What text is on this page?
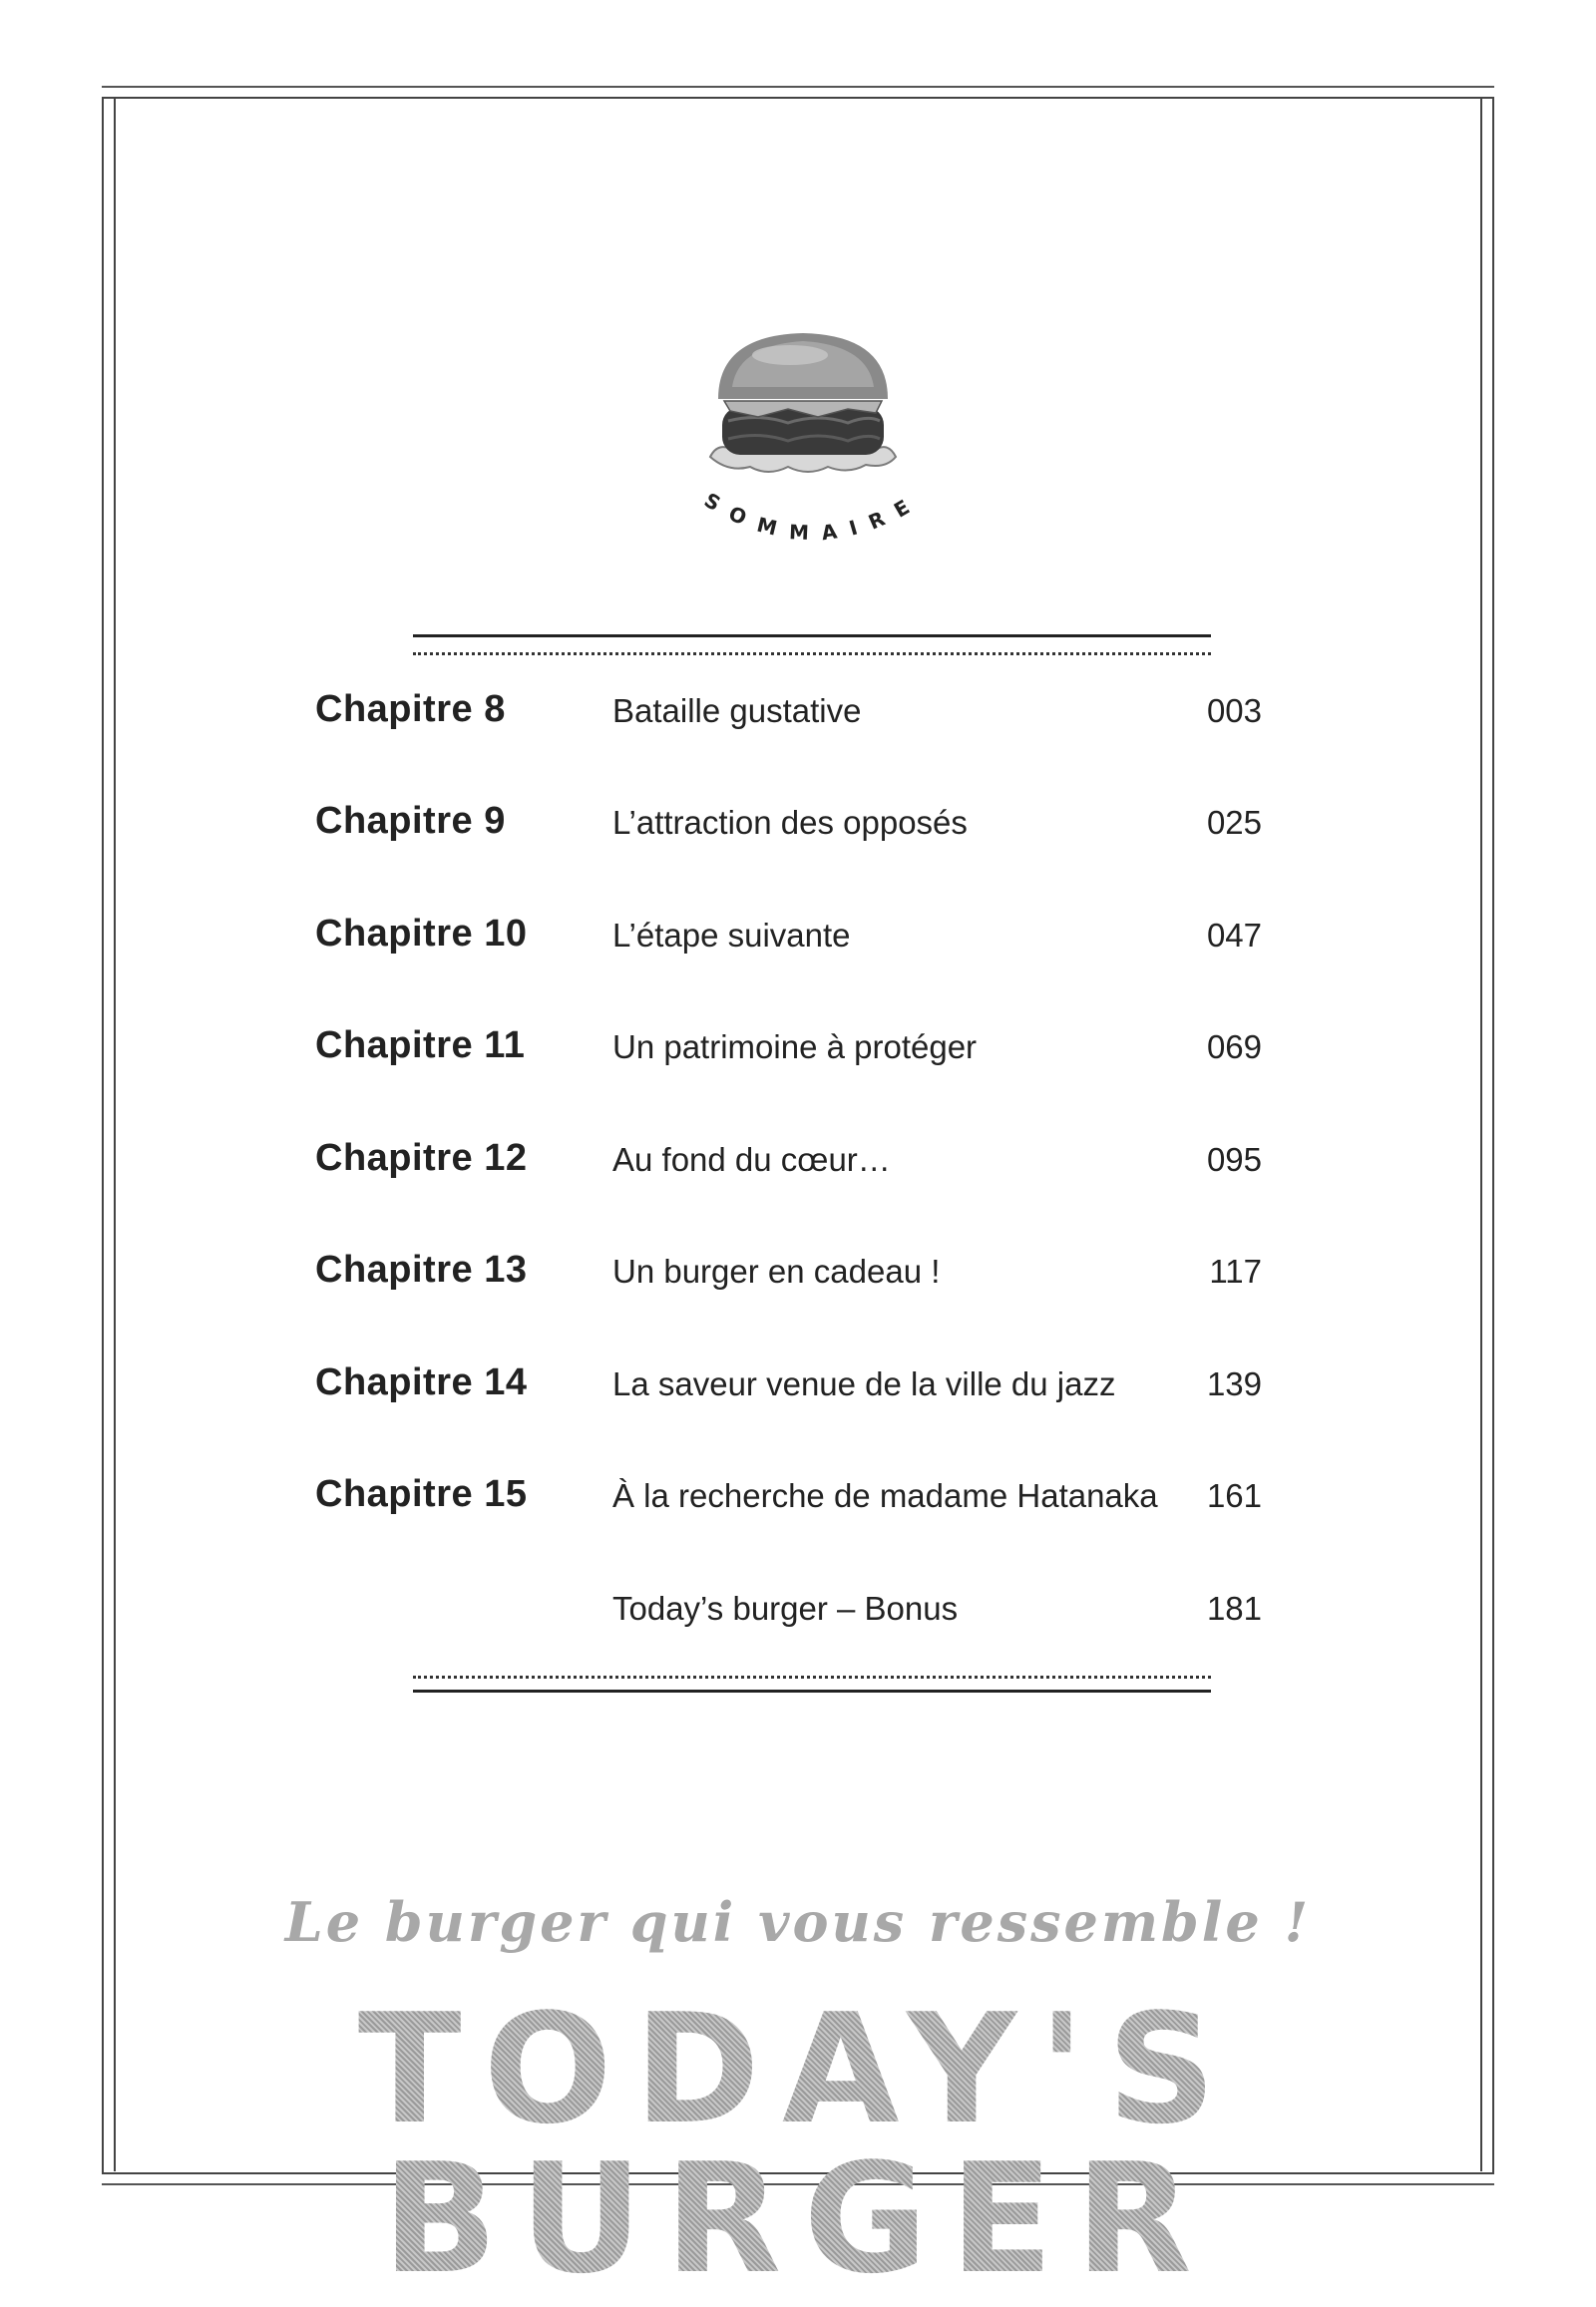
SOMMAIRE
Chapitre 8	Bataille gustative	003
Chapitre 9	L’attraction des opposés	025
Chapitre 10	L’étape suivante	047
Chapitre 11	Un patrimoine à protéger	069
Chapitre 12	Au fond du cœur…	095
Chapitre 13	Un burger en cadeau !	117
Chapitre 14	La saveur venue de la ville du jazz	139
Chapitre 15	À la recherche de madame Hatanaka 161
Today’s burger – Bonus	181
Le burger qui vous ressemble !
TODAY'S BURGER
